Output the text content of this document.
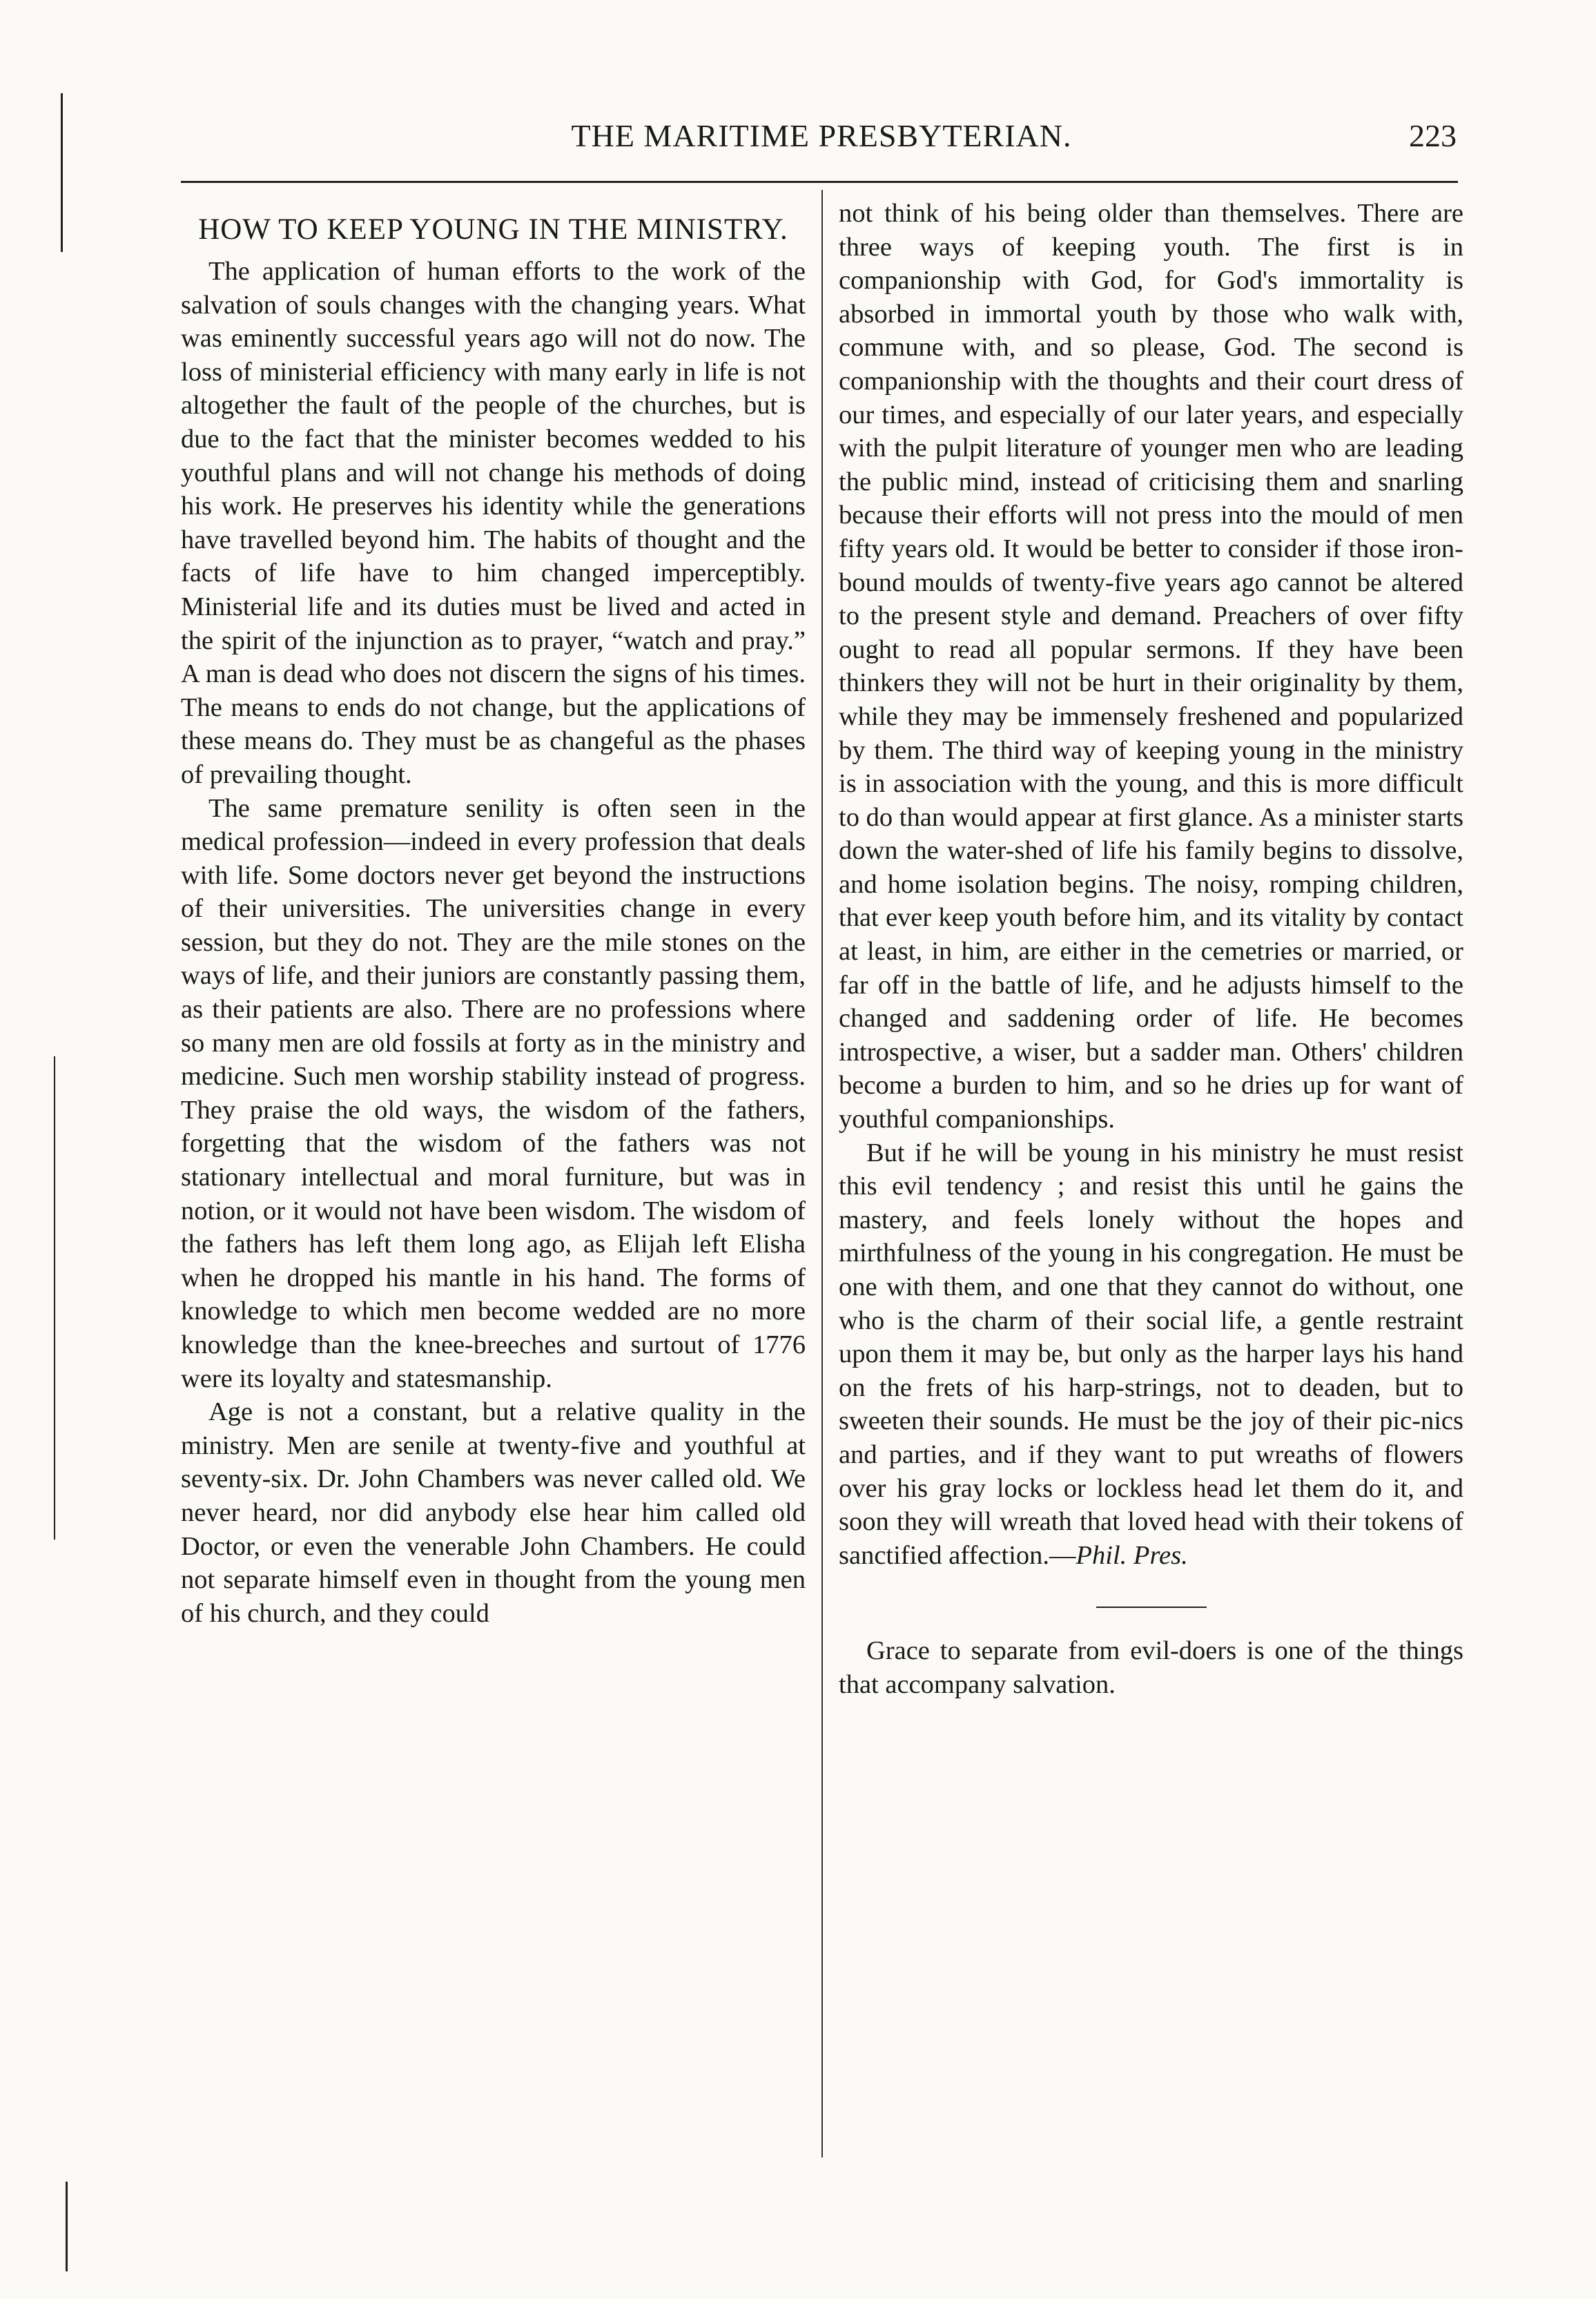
THE MARITIME PRESBYTERIAN.	223
HOW TO KEEP YOUNG IN THE MINISTRY.

The application of human efforts to the work of the salvation of souls changes with the changing years. What was eminently successful years ago will not do now. The loss of ministerial efficiency with many early in life is not altogether the fault of the people of the churches, but is due to the fact that the minister becomes wedded to his youthful plans and will not change his methods of doing his work. He preserves his identity while the generations have travelled beyond him. The habits of thought and the facts of life have to him changed imperceptibly. Ministerial life and its duties must be lived and acted in the spirit of the injunction as to prayer, “watch and pray.” A man is dead who does not discern the signs of his times. The means to ends do not change, but the applications of these means do. They must be as changeful as the phases of prevailing thought.

The same premature senility is often seen in the medical profession—indeed in every profession that deals with life. Some doctors never get beyond the instructions of their universities. The universities change in every session, but they do not. They are the mile stones on the ways of life, and their juniors are constantly passing them, as their patients are also. There are no professions where so many men are old fossils at forty as in the ministry and medicine. Such men worship stability instead of progress. They praise the old ways, the wisdom of the fathers, forgetting that the wisdom of the fathers was not stationary intellectual and moral furniture, but was in notion, or it would not have been wisdom. The wisdom of the fathers has left them long ago, as Elijah left Elisha when he dropped his mantle in his hand. The forms of knowledge to which men become wedded are no more knowledge than the knee-breeches and surtout of 1776 were its loyalty and statesmanship.

Age is not a constant, but a relative quality in the ministry. Men are senile at twenty-five and youthful at seventy-six. Dr. John Chambers was never called old. We never heard, nor did anybody else hear him called old Doctor, or even the venerable John Chambers. He could not separate himself even in thought from the young men of his church, and they could

not think of his being older than themselves. There are three ways of keeping youth. The first is in companionship with God, for God's immortality is absorbed in immortal youth by those who walk with, commune with, and so please, God. The second is companionship with the thoughts and their court dress of our times, and especially of our later years, and especially with the pulpit literature of younger men who are leading the public mind, instead of criticising them and snarling because their efforts will not press into the mould of men fifty years old. It would be better to consider if those iron-bound moulds of twenty-five years ago cannot be altered to the present style and demand. Preachers of over fifty ought to read all popular sermons. If they have been thinkers they will not be hurt in their originality by them, while they may be immensely freshened and popularized by them. The third way of keeping young in the ministry is in association with the young, and this is more difficult to do than would appear at first glance. As a minister starts down the water-shed of life his family begins to dissolve, and home isolation begins. The noisy, romping children, that ever keep youth before him, and its vitality by contact at least, in him, are either in the cemetries or married, or far off in the battle of life, and he adjusts himself to the changed and saddening order of life. He becomes introspective, a wiser, but a sadder man. Others' children become a burden to him, and so he dries up for want of youthful companionships.

But if he will be young in his ministry he must resist this evil tendency ; and resist this until he gains the mastery, and feels lonely without the hopes and mirthfulness of the young in his congregation. He must be one with them, and one that they cannot do without, one who is the charm of their social life, a gentle restraint upon them it may be, but only as the harper lays his hand on the frets of his harp-strings, not to deaden, but to sweeten their sounds. He must be the joy of their pic-nics and parties, and if they want to put wreaths of flowers over his gray locks or lockless head let them do it, and soon they will wreath that loved head with their tokens of sanctified affection.—Phil. Pres.

Grace to separate from evil-doers is one of the things that accompany salvation.
